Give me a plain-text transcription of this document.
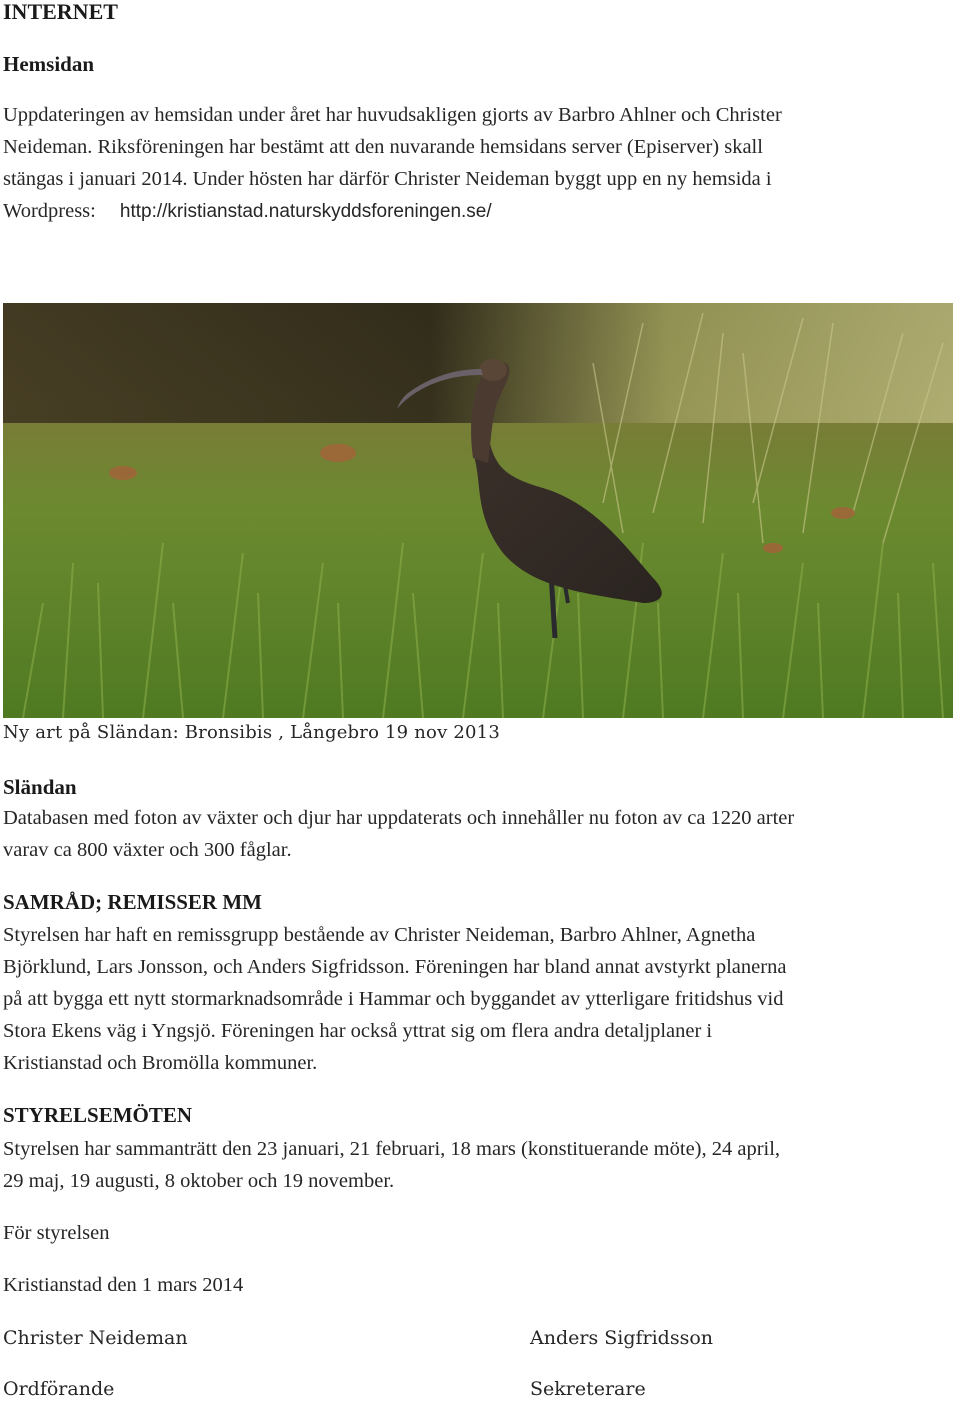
INTERNET
Hemsidan
Uppdateringen av hemsidan under året har huvudsakligen gjorts av Barbro Ahlner och Christer
Neideman. Riksföreningen har bestämt att den nuvarande hemsidans server (Episerver) skall
stängas i januari 2014. Under hösten har därför Christer Neideman byggt upp en ny hemsida i
Wordpress: http://kristianstad.naturskyddsforeningen.se/
Ny art på Sländan: Bronsibis , Långebro 19 nov 2013
Sländan
Databasen med foton av växter och djur har uppdaterats och innehåller nu foton av ca 1220 arter
varav ca 800 växter och 300 fåglar.
SAMRÅD; REMISSER MM
Styrelsen har haft en remissgrupp bestående av Christer Neideman, Barbro Ahlner, Agnetha
Björklund, Lars Jonsson, och Anders Sigfridsson. Föreningen har bland annat avstyrkt planerna
på att bygga ett nytt stormarknadsområde i Hammar och byggandet av ytterligare fritidshus vid
Stora Ekens väg i Yngsjö. Föreningen har också yttrat sig om flera andra detaljplaner i
Kristianstad och Bromölla kommuner.
STYRELSEMÖTEN
Styrelsen har sammanträtt den 23 januari, 21 februari, 18 mars (konstituerande möte), 24 april,
29 maj, 19 augusti, 8 oktober och 19 november.
För styrelsen
Kristianstad den 1 mars 2014
Christer Neideman	Anders Sigfridsson
Ordförande	Sekreterare
